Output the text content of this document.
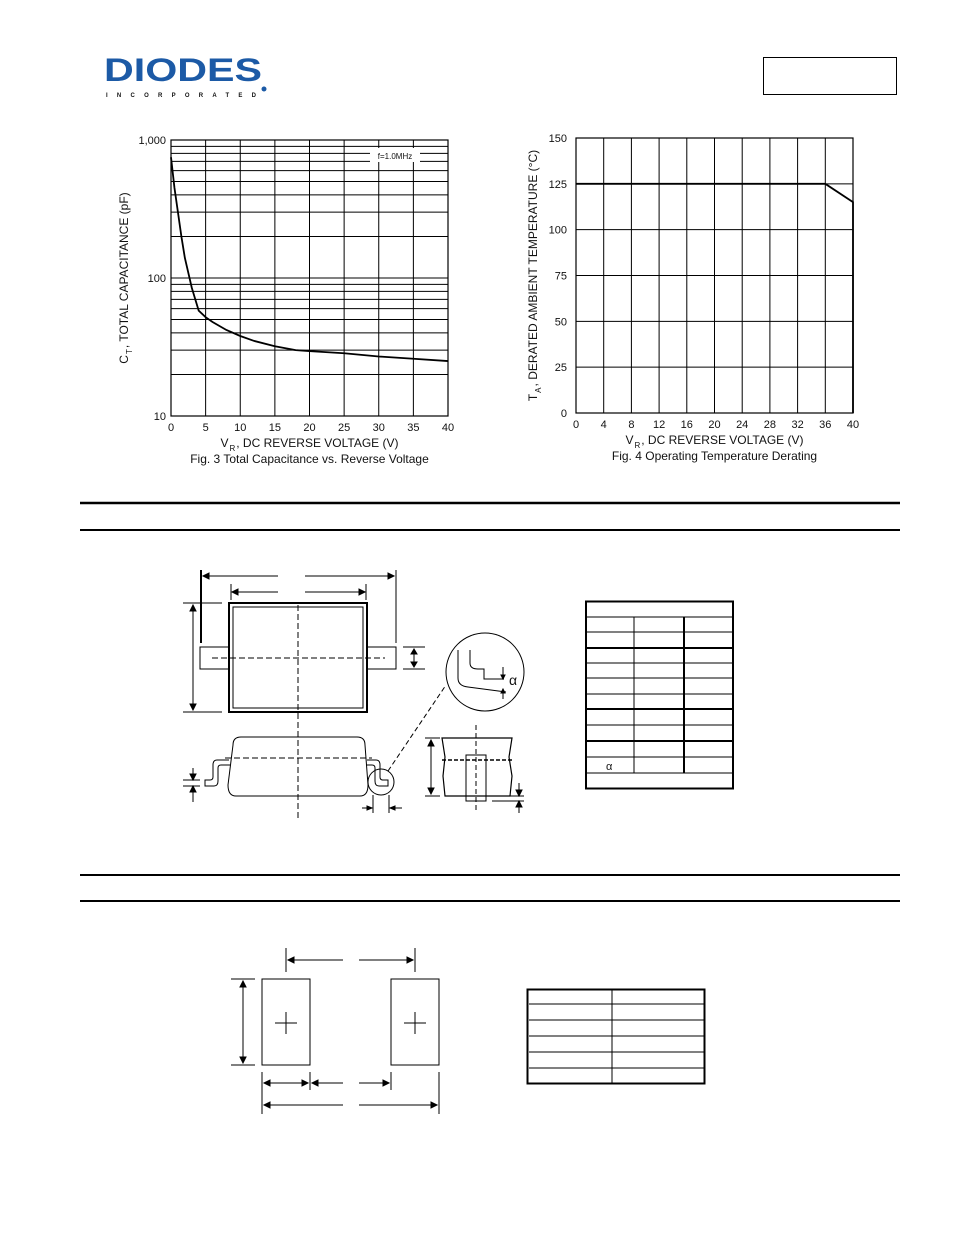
DIODES
INCORPORATED
0	5 10 15 20 25 30 35 40
10
100
1,000
f=1.0MHz
V R , DC REVERSE VOLTAGE (V)
Fig. 3 Total Capacitance vs. Reverse Voltage
C
T
, TOTAL CAPACITANCE (pF)
0 4 8 12 16 20 24 28 32 36 40
0
25
50
75
100
125
150
V R , DC REVERSE VOLTAGE (V)
Fig. 4 Operating Temperature Derating
T
A
, DERATED AMBIENT TEMPERATURE (°C)
α
α
